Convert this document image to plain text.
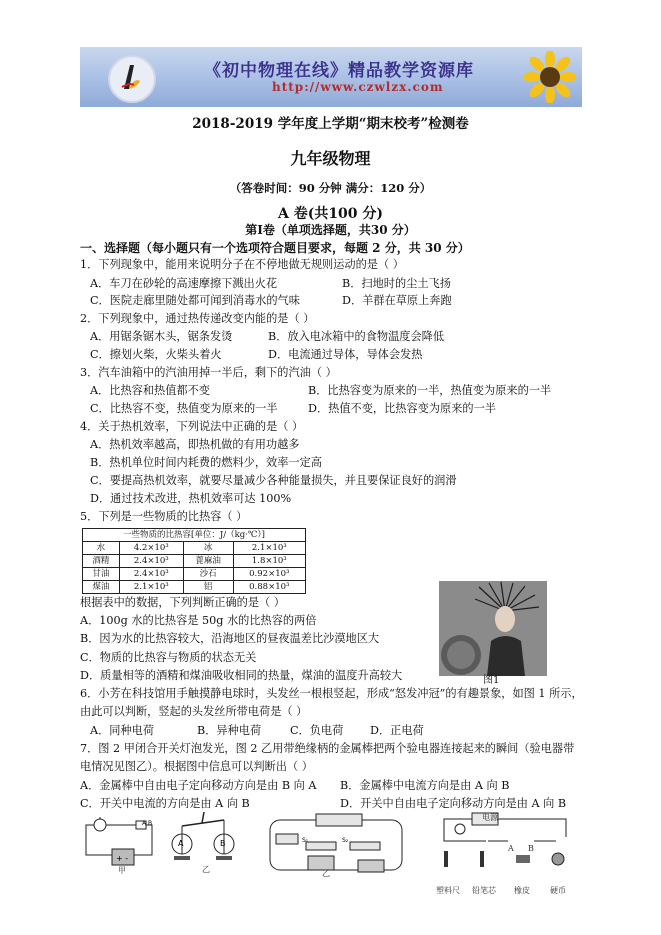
《初中物理在线》精品教学资源库
http://www.czwlzx.com
2018-2019 学年度上学期“期末校考”检测卷
九年级物理
（答卷时间：90 分钟 满分：120 分）
A 卷(共100 分)
第Ⅰ卷（单项选择题，共30 分）
一、选择题（每小题只有一个选项符合题目要求，每题 2 分，共 30 分）
1．下列现象中，能用来说明分子在不停地做无规则运动的是（ ）
A．车刀在砂轮的高速摩擦下溅出火花	B．扫地时的尘土飞扬
C．医院走廊里随处都可闻到消毒水的气味	D．羊群在草原上奔跑
2．下列现象中，通过热传递改变内能的是（ ）
A．用锯条锯木头，锯条发烫	B．放入电冰箱中的食物温度会降低
C．擦划火柴，火柴头着火	D．电流通过导体，导体会发热
3．汽车油箱中的汽油用掉一半后，剩下的汽油（ ）
A．比热容和热值都不变	B．比热容变为原来的一半，热值变为原来的一半
C．比热容不变，热值变为原来的一半	D．热值不变，比热容变为原来的一半
4．关于热机效率，下列说法中正确的是（ ）
A．热机效率越高，即热机做的有用功越多
B．热机单位时间内耗费的燃料少，效率一定高
C．要提高热机效率，就要尽量减少各种能量损失，并且要保证良好的润滑
D．通过技术改进，热机效率可达 100%
5．下列是一些物质的比热容（ ）
一些物质的比热容[单位：J/（kg·℃）]			
水	4.2×10³	冰	2.1×10³
酒精	2.4×10³	蓖麻油	1.8×10³
甘油	2.4×10³	沙石	0.92×10³
煤油	2.1×10³	铝	0.88×10³
根据表中的数据，下列判断正确的是（ ）
A．100g 水的比热容是 50g 水的比热容的两倍
B．因为水的比热容较大，沿海地区的昼夜温差比沙漠地区大
C．物质的比热容与物质的状态无关
D．质量相等的酒精和煤油吸收相同的热量，煤油的温度升高较大	图1
6．小芳在科技馆用手触摸静电球时，头发丝一根根竖起，形成“怒发冲冠”的有趣景象，如图 1 所示，
由此可以判断，竖起的头发丝所带电荷是（ ）
A．同种电荷	B．异种电荷	C．负电荷 D．正电荷
7．图 2 甲闭合开关灯泡发光，图 2 乙用带绝缘柄的金属棒把两个验电器连接起来的瞬间（验电器带
电情况见图乙）。根据图中信息可以判断出（ ）
A．金属棒中自由电子定向移动方向是由 B 向 A B．金属棒中电流方向是由 A 向 B
C．开关中电流的方向是由 A 向 B	D．开关中自由电子定向移动方向是由 A 向 B
+ -
A B
甲
A	B
乙
S₁	S₂
乙
电源
A B
塑料尺 铅笔芯 橡皮	硬币
